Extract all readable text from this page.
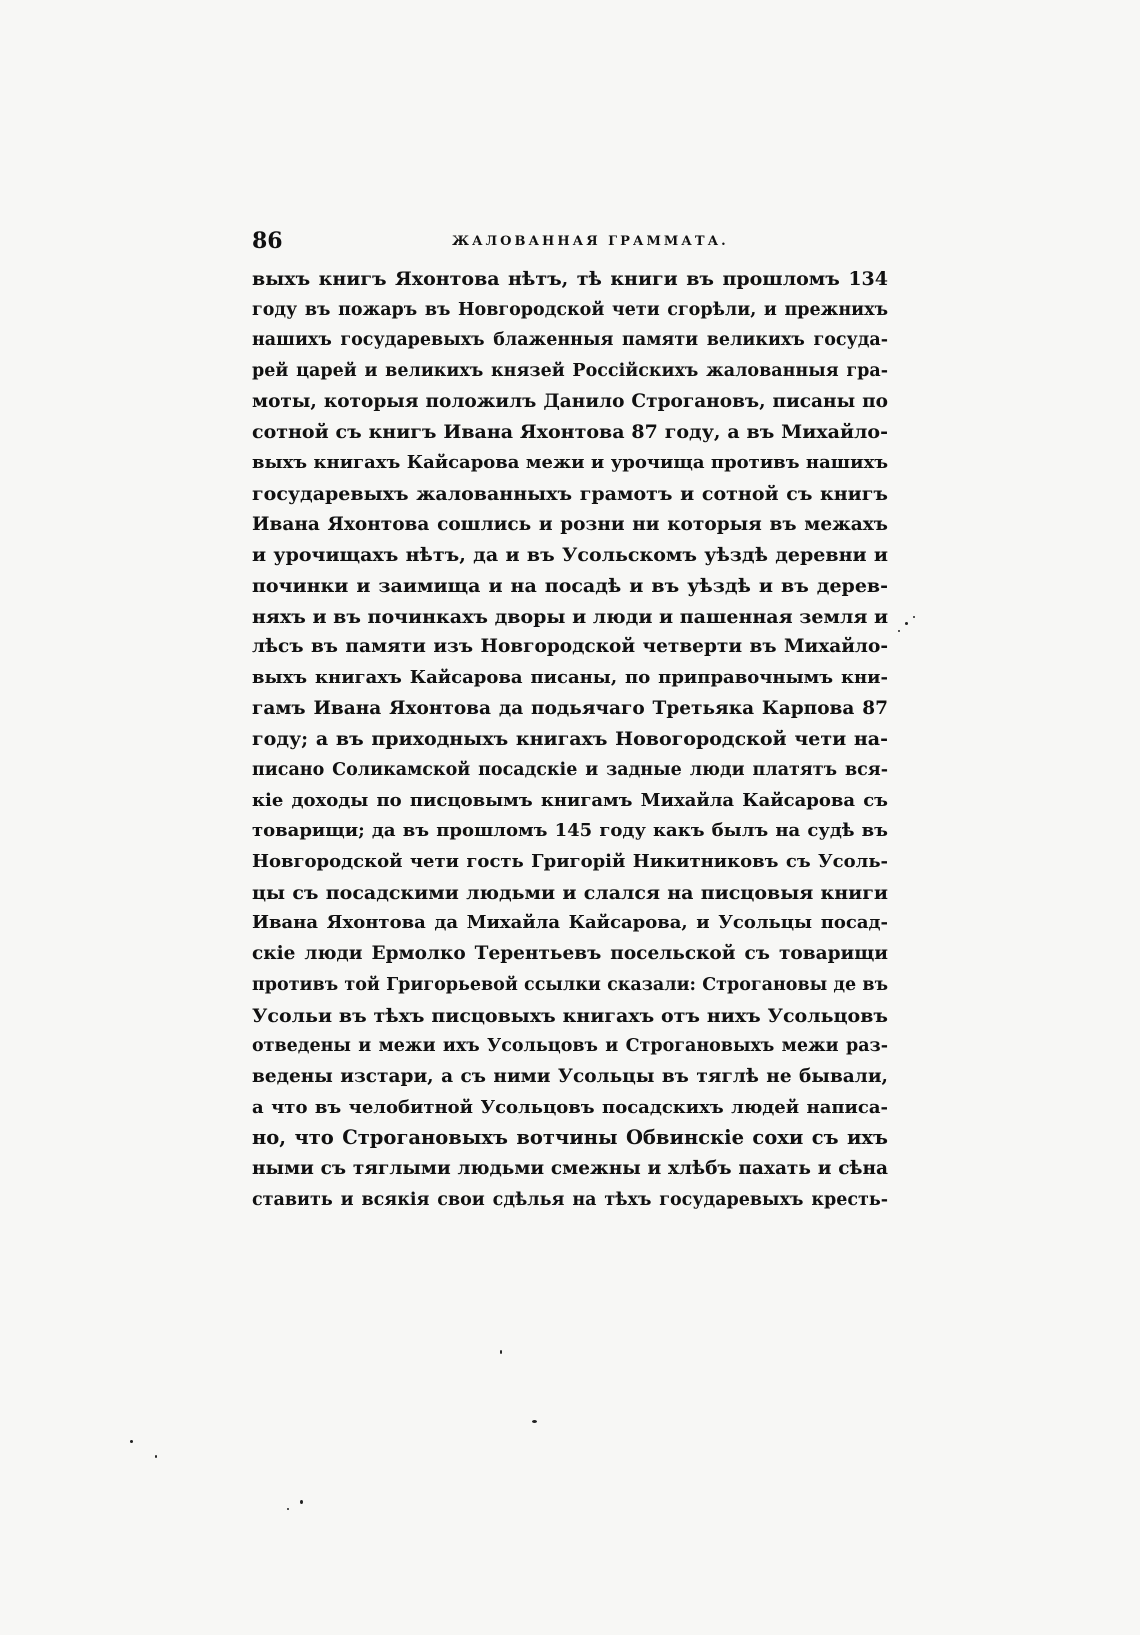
86	ЖАЛОВАННАЯ ГРАММАТА.
выхъ книгъ Яхонтова нѣтъ, тѣ книги въ прошломъ 134
году въ пожаръ въ Новгородской чети сгорѣли, и прежнихъ
нашихъ государевыхъ блаженныя памяти великихъ госуда-
рей царей и великихъ князей Россійскихъ жалованныя гра-
моты, которыя положилъ Данило Строгановъ, писаны по
сотной съ книгъ Ивана Яхонтова 87 году, а въ Михайло-
выхъ книгахъ Кайсарова межи и урочища противъ нашихъ
государевыхъ жалованныхъ грамотъ и сотной съ книгъ
Ивана Яхонтова сошлись и розни ни которыя въ межахъ
и урочищахъ нѣтъ, да и въ Усольскомъ уѣздѣ деревни и
починки и заимища и на посадѣ и въ уѣздѣ и въ дерев-
няхъ и въ починкахъ дворы и люди и пашенная земля и
лѣсъ въ памяти изъ Новгородской четверти въ Михайло-
выхъ книгахъ Кайсарова писаны, по приправочнымъ кни-
гамъ Ивана Яхонтова да подьячаго Третьяка Карпова 87
году; а въ приходныхъ книгахъ Новогородской чети на-
писано Соликамской посадскіе и задные люди платятъ вся-
кіе доходы по писцовымъ книгамъ Михайла Кайсарова съ
товарищи; да въ прошломъ 145 году какъ былъ на судѣ въ
Новгородской чети гость Григорій Никитниковъ съ Усоль-
цы съ посадскими людьми и слался на писцовыя книги
Ивана Яхонтова да Михайла Кайсарова, и Усольцы посад-
скіе люди Ермолко Терентьевъ посельской съ товарищи
противъ той Григорьевой ссылки сказали: Строгановы де въ
Усольи въ тѣхъ писцовыхъ книгахъ отъ нихъ Усольцовъ
отведены и межи ихъ Усольцовъ и Строгановыхъ межи раз-
ведены изстари, а съ ними Усольцы въ тяглѣ не бывали,
а что въ челобитной Усольцовъ посадскихъ людей написа-
но, что Строгановыхъ вотчины Обвинскіе сохи съ ихъ
ными съ тяглыми людьми смежны и хлѣбъ пахать и сѣна
ставить и всякія свои сдѣлья на тѣхъ государевыхъ кресть-
